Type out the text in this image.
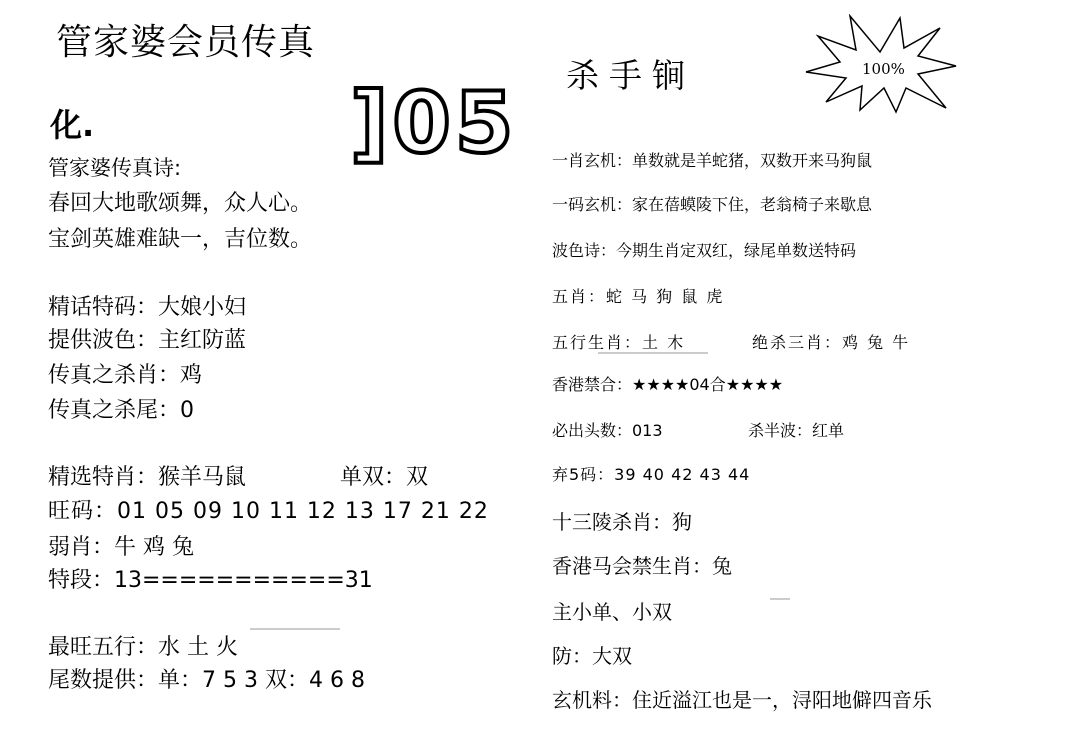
管家婆会员传真
化.	]05
管家婆传真诗:
春回大地歌颂舞，众人心。
宝剑英雄难缺一，吉位数。
精话特码：大娘小妇
提供波色：主红防蓝
传真之杀肖：鸡
传真之杀尾：0
精选特肖：猴羊马鼠	单双：双
旺码：01 05 09 10 11 12 13 17 21 22
弱肖：牛 鸡 兔
特段：13===========31
最旺五行：水 土 火
尾数提供：单：7 5 3 双：4 6 8
杀手锏	100%
一肖玄机：单数就是羊蛇猪，双数开来马狗鼠
一码玄机：家在蓓蟆陵下住，老翁椅子来歇息
波色诗：今期生肖定双红，绿尾单数送特码
五肖：蛇 马 狗 鼠 虎
五行生肖：土 木	绝杀三肖：鸡 兔 牛
香港禁合：★★★★04合★★★★
必出头数：013	杀半波：红单
弃5码：39 40 42 43 44
十三陵杀肖：狗
香港马会禁生肖：兔
主小单、小双
防：大双
玄机料：住近溢江也是一，浔阳地僻四音乐
